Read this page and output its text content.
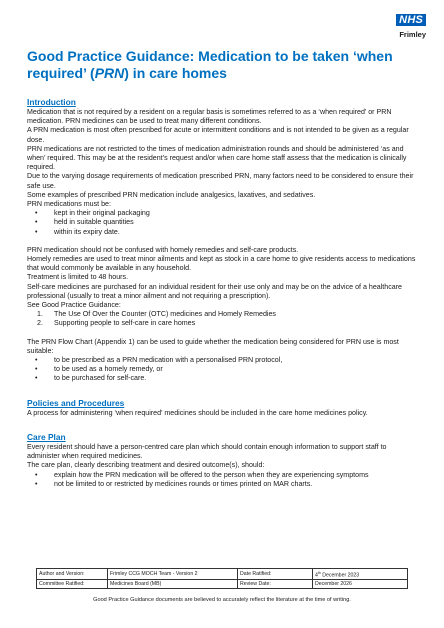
NHS
Frimley
Good Practice Guidance: Medication to be taken ‘when required’ (PRN) in care homes
Introduction

Medication that is not required by a resident on a regular basis is sometimes referred to as a ‘when required’ or PRN medication. PRN medicines can be used to treat many different conditions.

A PRN medication is most often prescribed for acute or intermittent conditions and is not intended to be given as a regular dose.

PRN medications are not restricted to the times of medication administration rounds and should be administered ‘as and when’ required. This may be at the resident’s request and/or when care home staff assess that the medication is clinically required.

Due to the varying dosage requirements of medication prescribed PRN, many factors need to be considered to ensure their safe use.

Some examples of prescribed PRN medication include analgesics, laxatives, and sedatives.

PRN medications must be:

• kept in their original packaging
• held in suitable quantities
• within its expiry date.

PRN medication should not be confused with homely remedies and self-care products.

Homely remedies are used to treat minor ailments and kept as stock in a care home to give residents access to medications that would commonly be available in any household.

Treatment is limited to 48 hours.

Self-care medicines are purchased for an individual resident for their use only and may be on the advice of a healthcare professional (usually to treat a minor ailment and not requiring a prescription).

See Good Practice Guidance:

1. The Use Of Over the Counter (OTC) medicines and Homely Remedies
2. Supporting people to self-care in care homes

The PRN Flow Chart (Appendix 1) can be used to guide whether the medication being considered for PRN use is most suitable:

• to be prescribed as a PRN medication with a personalised PRN protocol,
• to be used as a homely remedy, or
• to be purchased for self-care.
Policies and Procedures

A process for administering ‘when required’ medicines should be included in the care home medicines policy.

Care Plan

Every resident should have a person-centred care plan which should contain enough information to support staff to administer when required medicines.

The care plan, clearly describing treatment and desired outcome(s), should:

• explain how the PRN medication will be offered to the person when they are experiencing symptoms
• not be limited to or restricted by medicines rounds or times printed on MAR charts.
Author and Version:	Frimley CCG MOCH Team - Version 2	Date Ratified:	4th December 2023
Committee Ratified:	Medicines Board (MB)	Review Date:	December 2026
Good Practice Guidance documents are believed to accurately reflect the literature at the time of writing.
